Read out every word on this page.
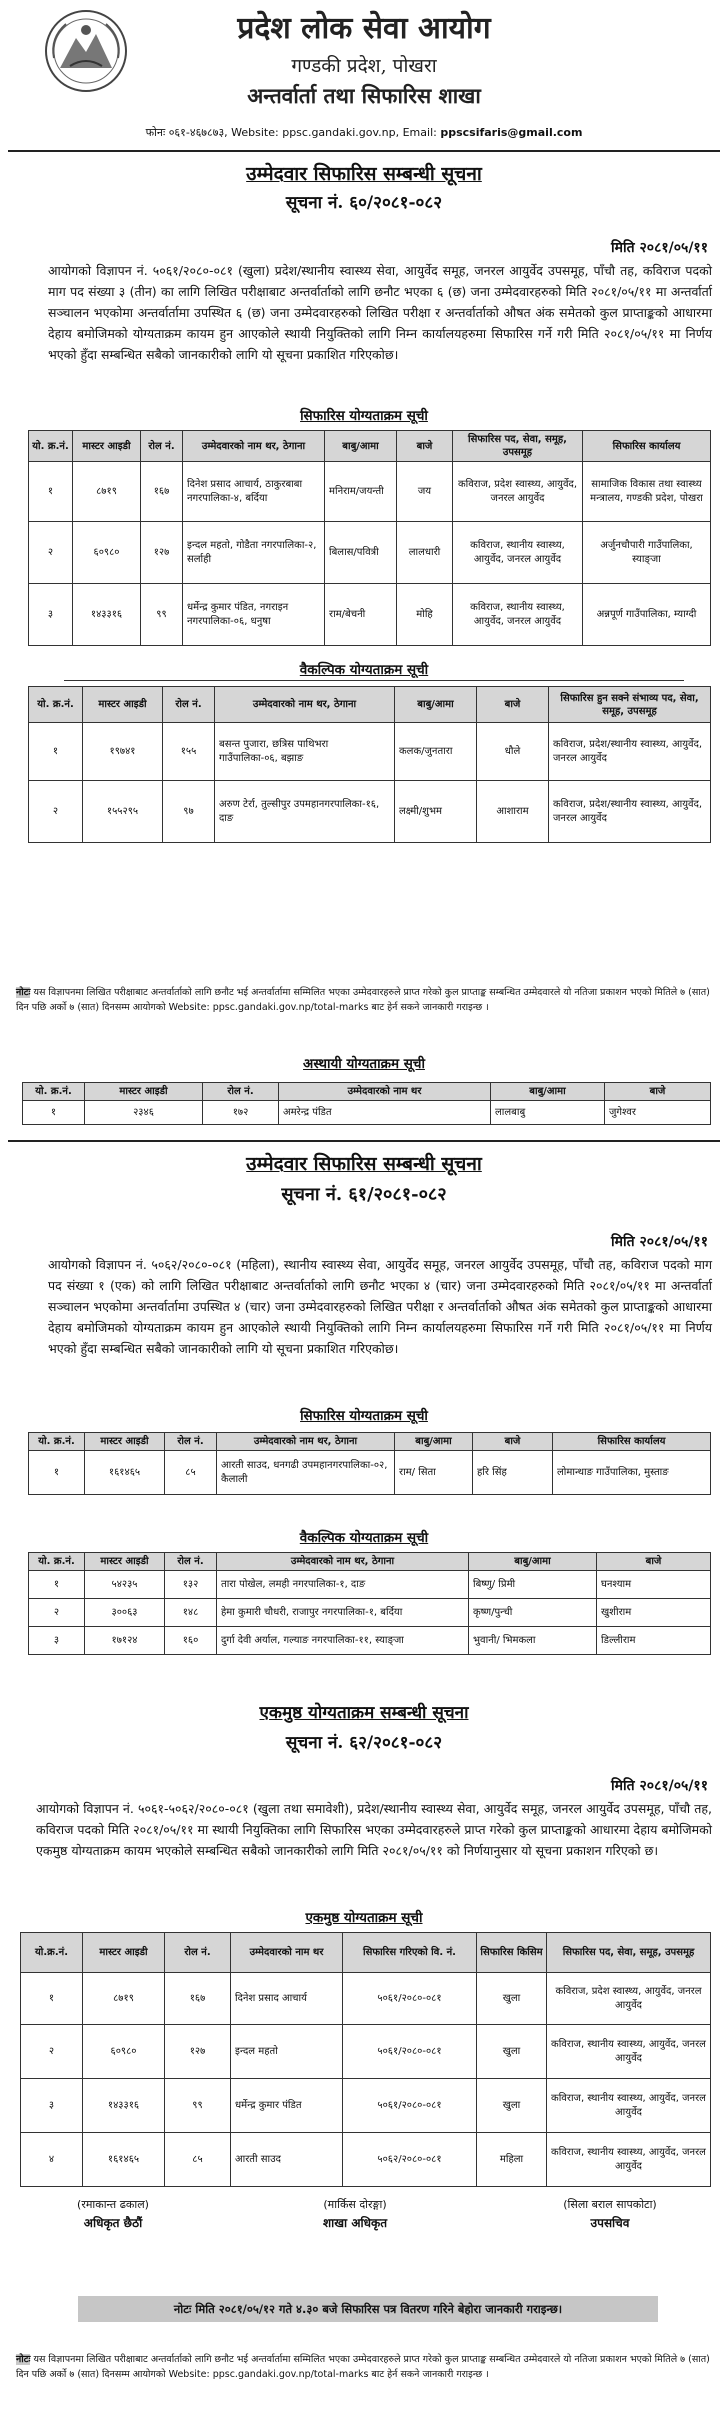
प्रदेश लोक सेवा आयोग
गण्डकी प्रदेश, पोखरा
अन्तर्वार्ता तथा सिफारिस शाखा
फोनः ०६१-४६७८७३, Website: ppsc.gandaki.gov.np, Email: ppscsifaris@gmail.com
उम्मेदवार सिफारिस सम्बन्धी सूचना
सूचना नं. ६०/२०८१-०८२
मिति २०८१/०५/११
आयोगको विज्ञापन नं. ५०६१/२०८०-०८१ (खुला) प्रदेश/स्थानीय स्वास्थ्य सेवा, आयुर्वेद समूह, जनरल आयुर्वेद उपसमूह, पाँचौ तह, कविराज पदको माग पद संख्या ३ (तीन) का लागि लिखित परीक्षाबाट अन्तर्वार्ताको लागि छनौट भएका ६ (छ) जना उम्मेदवारहरुको मिति २०८१/०५/११ मा अन्तर्वार्ता सञ्चालन भएकोमा अन्तर्वार्तामा उपस्थित ६ (छ) जना उम्मेदवारहरुको लिखित परीक्षा र अन्तर्वार्ताको औषत अंक समेतको कुल प्राप्ताङ्कको आधारमा देहाय बमोजिमको योग्यताक्रम कायम हुन आएकोले स्थायी नियुक्तिको लागि निम्न कार्यालयहरुमा सिफारिस गर्ने गरी मिति २०८१/०५/११ मा निर्णय भएको हुँदा सम्बन्धित सबैको जानकारीको लागि यो सूचना प्रकाशित गरिएकोछ।
सिफारिस योग्यताक्रम सूची
यो. क्र.नं.	मास्टर आइडी	रोल नं.	उम्मेदवारको नाम थर, ठेगाना	बाबु/आमा	बाजे	सिफारिस पद, सेवा, समूह, उपसमूह	सिफारिस कार्यालय
१	८७१९	१६७	दिनेश प्रसाद आचार्य, ठाकुरबाबा नगरपालिका-४, बर्दिया	मनिराम/जयन्ती	जय	कविराज, प्रदेश स्वास्थ्य, आयुर्वेद, जनरल आयुर्वेद	सामाजिक विकास तथा स्वास्थ्य मन्त्रालय, गण्डकी प्रदेश, पोखरा
२	६०९८०	१२७	इन्दल महतो, गोडैता नगरपालिका-२, सर्लाही	बिलास/पवित्री	लालधारी	कविराज, स्थानीय स्वास्थ्य, आयुर्वेद, जनरल आयुर्वेद	अर्जुनचौपारी गाउँपालिका, स्याङ्जा
३	१४३३१६	९९	धर्मेन्द्र कुमार पंडित, नगराइन नगरपालिका-०६, धनुषा	राम/बेचनी	मोहि	कविराज, स्थानीय स्वास्थ्य, आयुर्वेद, जनरल आयुर्वेद	अन्नपूर्ण गाउँपालिका, म्याग्दी
वैकल्पिक योग्यताक्रम सूची
यो. क्र.नं.	मास्टर आइडी	रोल नं.	उम्मेदवारको नाम थर, ठेगाना	बाबु/आमा	बाजे	सिफारिस हुन सक्ने संभाव्य पद, सेवा, समूह, उपसमूह
१	१९७४१	१५५	बसन्त पुजारा, छत्रिस पाथिभरा गाउँपालिका-०६, बझाङ	कलक/जुनतारा	धौले	कविराज, प्रदेश/स्थानीय स्वास्थ्य, आयुर्वेद, जनरल आयुर्वेद
२	१५५२९५	९७	अरुण टेर्रा, तुल्सीपुर उपमहानगरपालिका-१६, दाङ	लक्ष्मी/शुभम	आशाराम	कविराज, प्रदेश/स्थानीय स्वास्थ्य, आयुर्वेद, जनरल आयुर्वेद
नोटः यस विज्ञापनमा लिखित परीक्षाबाट अन्तर्वार्ताको लागि छनौट भई अन्तर्वार्तामा सम्मिलित भएका उम्मेदवारहरुले प्राप्त गरेको कुल प्राप्ताङ्क सम्बन्धित उम्मेदवारले यो नतिजा प्रकाशन भएको मितिले ७ (सात) दिन पछि अर्को ७ (सात) दिनसम्म आयोगको Website: ppsc.gandaki.gov.np/total-marks बाट हेर्न सकने जानकारी गराइन्छ ।
अस्थायी योग्यताक्रम सूची
यो. क्र.नं.	मास्टर आइडी	रोल नं.	उम्मेदवारको नाम थर	बाबु/आमा	बाजे
१	२३४६	१७२	अमरेन्द्र पंडित	लालबाबु	जुगेश्वर
उम्मेदवार सिफारिस सम्बन्धी सूचना
सूचना नं. ६१/२०८१-०८२
मिति २०८१/०५/११
आयोगको विज्ञापन नं. ५०६२/२०८०-०८१ (महिला), स्थानीय स्वास्थ्य सेवा, आयुर्वेद समूह, जनरल आयुर्वेद उपसमूह, पाँचौ तह, कविराज पदको माग पद संख्या १ (एक) को लागि लिखित परीक्षाबाट अन्तर्वार्ताको लागि छनौट भएका ४ (चार) जना उम्मेदवारहरुको मिति २०८१/०५/११ मा अन्तर्वार्ता सञ्चालन भएकोमा अन्तर्वार्तामा उपस्थित ४ (चार) जना उम्मेदवारहरुको लिखित परीक्षा र अन्तर्वार्ताको औषत अंक समेतको कुल प्राप्ताङ्कको आधारमा देहाय बमोजिमको योग्यताक्रम कायम हुन आएकोले स्थायी नियुक्तिको लागि निम्न कार्यालयहरुमा सिफारिस गर्ने गरी मिति २०८१/०५/११ मा निर्णय भएको हुँदा सम्बन्धित सबैको जानकारीको लागि यो सूचना प्रकाशित गरिएकोछ।
सिफारिस योग्यताक्रम सूची
यो. क्र.नं.	मास्टर आइडी	रोल नं.	उम्मेदवारको नाम थर, ठेगाना	बाबु/आमा	बाजे	सिफारिस कार्यालय
१	१६१४६५	८५	आरती साउद, धनगढी उपमहानगरपालिका-०२, कैलाली	राम/ सिता	हरि सिंह	लोमान्थाङ गाउँपालिका, मुस्ताङ
वैकल्पिक योग्यताक्रम सूची
यो. क्र.नं.	मास्टर आइडी	रोल नं.	उम्मेदवारको नाम थर, ठेगाना	बाबु/आमा	बाजे
१	५४२३५	१३२	तारा पोखेल, लमही नगरपालिका-१, दाङ	बिष्णु/ प्रिमी	घनश्याम
२	३००६३	१४८	हेमा कुमारी चौधरी, राजापुर नगरपालिका-१, बर्दिया	कृष्ण/पुन्ची	खुशीराम
३	१७१२४	१६०	दुर्गा देवी अर्याल, गल्याङ नगरपालिका-११, स्याङ्जा	भुवानी/ भिमकला	डिल्लीराम
एकमुष्ठ योग्यताक्रम सम्बन्धी सूचना
सूचना नं. ६२/२०८१-०८२
मिति २०८१/०५/११
आयोगको विज्ञापन नं. ५०६१-५०६२/२०८०-०८१ (खुला तथा समावेशी), प्रदेश/स्थानीय स्वास्थ्य सेवा, आयुर्वेद समूह, जनरल आयुर्वेद उपसमूह, पाँचौ तह, कविराज पदको मिति २०८१/०५/११ मा स्थायी नियुक्तिका लागि सिफारिस भएका उम्मेदवारहरुले प्राप्त गरेको कुल प्राप्ताङ्कको आधारमा देहाय बमोजिमको एकमुष्ठ योग्यताक्रम कायम भएकोले सम्बन्धित सबैको जानकारीको लागि मिति २०८१/०५/११ को निर्णयानुसार यो सूचना प्रकाशन गरिएको छ।
एकमुष्ठ योग्यताक्रम सूची
यो.क्र.नं.	मास्टर आइडी	रोल नं.	उम्मेदवारको नाम थर	सिफारिस गरिएको वि. नं.	सिफारिस किसिम	सिफारिस पद, सेवा, समूह, उपसमूह
१	८७१९	१६७	दिनेश प्रसाद आचार्य	५०६१/२०८०-०८१	खुला	कविराज, प्रदेश स्वास्थ्य, आयुर्वेद, जनरल आयुर्वेद
२	६०९८०	१२७	इन्दल महतो	५०६१/२०८०-०८१	खुला	कविराज, स्थानीय स्वास्थ्य, आयुर्वेद, जनरल आयुर्वेद
३	१४३३१६	९९	धर्मेन्द्र कुमार पंडित	५०६१/२०८०-०८१	खुला	कविराज, स्थानीय स्वास्थ्य, आयुर्वेद, जनरल आयुर्वेद
४	१६१४६५	८५	आरती साउद	५०६२/२०८०-०८१	महिला	कविराज, स्थानीय स्वास्थ्य, आयुर्वेद, जनरल आयुर्वेद
(रमाकान्त ढकाल)
अधिकृत छैठौं
(मार्किस दोरङ्गा)
शाखा अधिकृत
(सिला बराल सापकोटा)
उपसचिव
नोटः मिति २०८१/०५/१२ गते ४.३० बजे सिफारिस पत्र वितरण गरिने बेहोरा जानकारी गराइन्छ।
नोटः यस विज्ञापनमा लिखित परीक्षाबाट अन्तर्वार्ताको लागि छनौट भई अन्तर्वार्तामा सम्मिलित भएका उम्मेदवारहरुले प्राप्त गरेको कुल प्राप्ताङ्क सम्बन्धित उम्मेदवारले यो नतिजा प्रकाशन भएको मितिले ७ (सात) दिन पछि अर्को ७ (सात) दिनसम्म आयोगको Website: ppsc.gandaki.gov.np/total-marks बाट हेर्न सकने जानकारी गराइन्छ ।
